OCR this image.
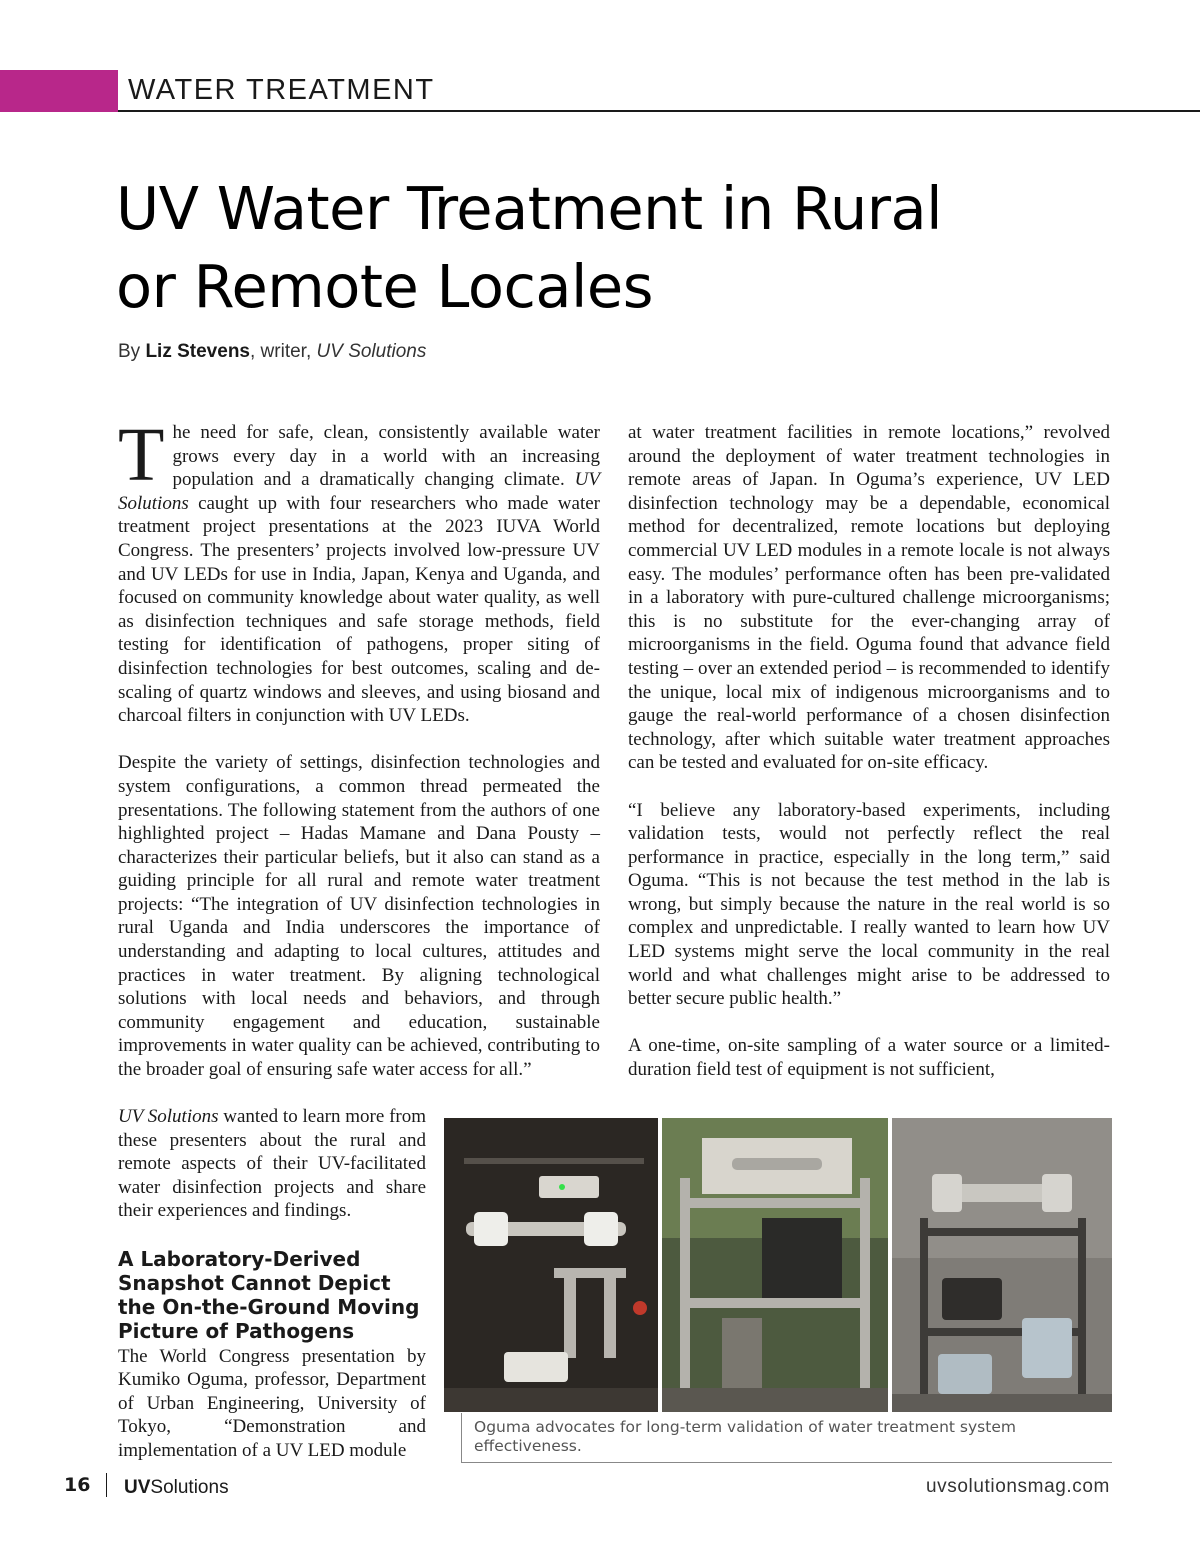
WATER TREATMENT
UV Water Treatment in Rural
or Remote Locales
By Liz Stevens, writer, UV Solutions

The need for safe, clean, consistently available water grows every day in a world with an increasing population and a dramatically changing climate. UV Solutions caught up with four researchers who made water treatment project presentations at the 2023 IUVA World Congress. The presenters’ projects involved low-pressure UV and UV LEDs for use in India, Japan, Kenya and Uganda, and focused on community knowledge about water quality, as well as disinfection techniques and safe storage methods, field testing for identification of pathogens, proper siting of disinfection technologies for best outcomes, scaling and de-scaling of quartz windows and sleeves, and using biosand and charcoal filters in conjunction with UV LEDs.

Despite the variety of settings, disinfection technologies and system configurations, a common thread permeated the presentations. The following statement from the authors of one highlighted project – Hadas Mamane and Dana Pousty – characterizes their particular beliefs, but it also can stand as a guiding principle for all rural and remote water treatment projects: “The integration of UV disinfection technologies in rural Uganda and India underscores the importance of understanding and adapting to local cultures, attitudes and practices in water treatment. By aligning technological solutions with local needs and behaviors, and through community engagement and education, sustainable improvements in water quality can be achieved, contributing to the broader goal of ensuring safe water access for all.”

UV Solutions wanted to learn more from these presenters about the rural and remote aspects of their UV-facilitated water disinfection projects and share their experiences and findings.

A Laboratory-Derived Snapshot Cannot Depict the On-the-Ground Moving Picture of Pathogens

The World Congress presentation by Kumiko Oguma, professor, Department of Urban Engineering, University of Tokyo, “Demonstration and implementation of a UV LED module

at water treatment facilities in remote locations,” revolved around the deployment of water treatment technologies in remote areas of Japan. In Oguma’s experience, UV LED disinfection technology may be a dependable, economical method for decentralized, remote locations but deploying commercial UV LED modules in a remote locale is not always easy. The modules’ performance often has been pre-validated in a laboratory with pure-cultured challenge microorganisms; this is no substitute for the ever-changing array of microorganisms in the field. Oguma found that advance field testing – over an extended period – is recommended to identify the unique, local mix of indigenous microorganisms and to gauge the real-world performance of a chosen disinfection technology, after which suitable water treatment approaches can be tested and evaluated for on-site efficacy.

“I believe any laboratory-based experiments, including validation tests, would not perfectly reflect the real performance in practice, especially in the long term,” said Oguma. “This is not because the test method in the lab is wrong, but simply because the nature in the real world is so complex and unpredictable. I really wanted to learn how UV LED systems might serve the local community in the real world and what challenges might arise to be addressed to better secure public health.”

A one-time, on-site sampling of a water source or a limited-duration field test of equipment is not sufficient,

Oguma advocates for long-term validation of water treatment system effectiveness.
16 UVSolutions	uvsolutionsmag.com
